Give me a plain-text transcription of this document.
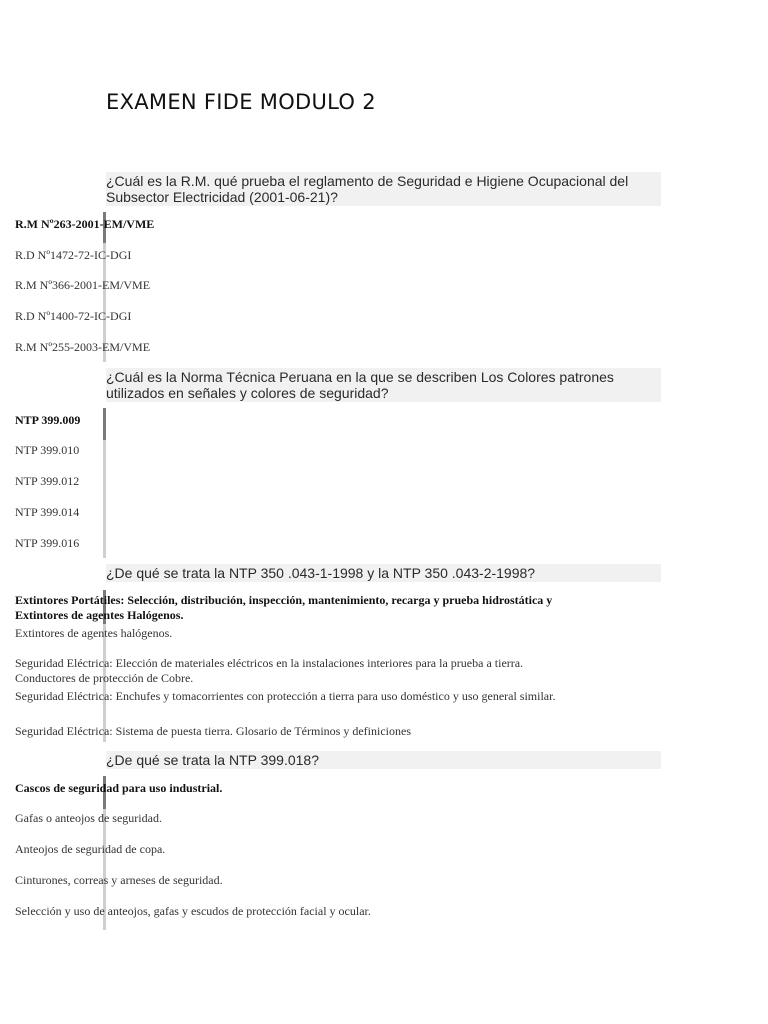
EXAMEN FIDE MODULO 2
¿Cuál es la R.M. qué prueba el reglamento de Seguridad e Higiene Ocupacional del Subsector Electricidad (2001-06-21)?
R.M Nº263-2001-EM/VME
R.D Nº1472-72-IC-DGI
R.M Nº366-2001-EM/VME
R.D Nº1400-72-IC-DGI
R.M Nº255-2003-EM/VME
¿Cuál es la Norma Técnica Peruana en la que se describen Los Colores patrones utilizados en señales y colores de seguridad?
NTP 399.009
NTP 399.010
NTP 399.012
NTP 399.014
NTP 399.016
¿De qué se trata la NTP 350 .043-1-1998 y la NTP 350 .043-2-1998?
Extintores Portátiles: Selección, distribución, inspección, mantenimiento, recarga y prueba hidrostática y Extintores de agentes Halógenos.
Extintores de agentes halógenos.
Seguridad Eléctrica: Elección de materiales eléctricos en la instalaciones interiores para la prueba a tierra. Conductores de protección de Cobre.
Seguridad Eléctrica: Enchufes y tomacorrientes con protección a tierra para uso doméstico y uso general similar.
Seguridad Eléctrica: Sistema de puesta tierra. Glosario de Términos y definiciones
¿De qué se trata la NTP 399.018?
Cascos de seguridad para uso industrial.
Gafas o anteojos de seguridad.
Anteojos de seguridad de copa.
Cinturones, correas y arneses de seguridad.
Selección y uso de anteojos, gafas y escudos de protección facial y ocular.
